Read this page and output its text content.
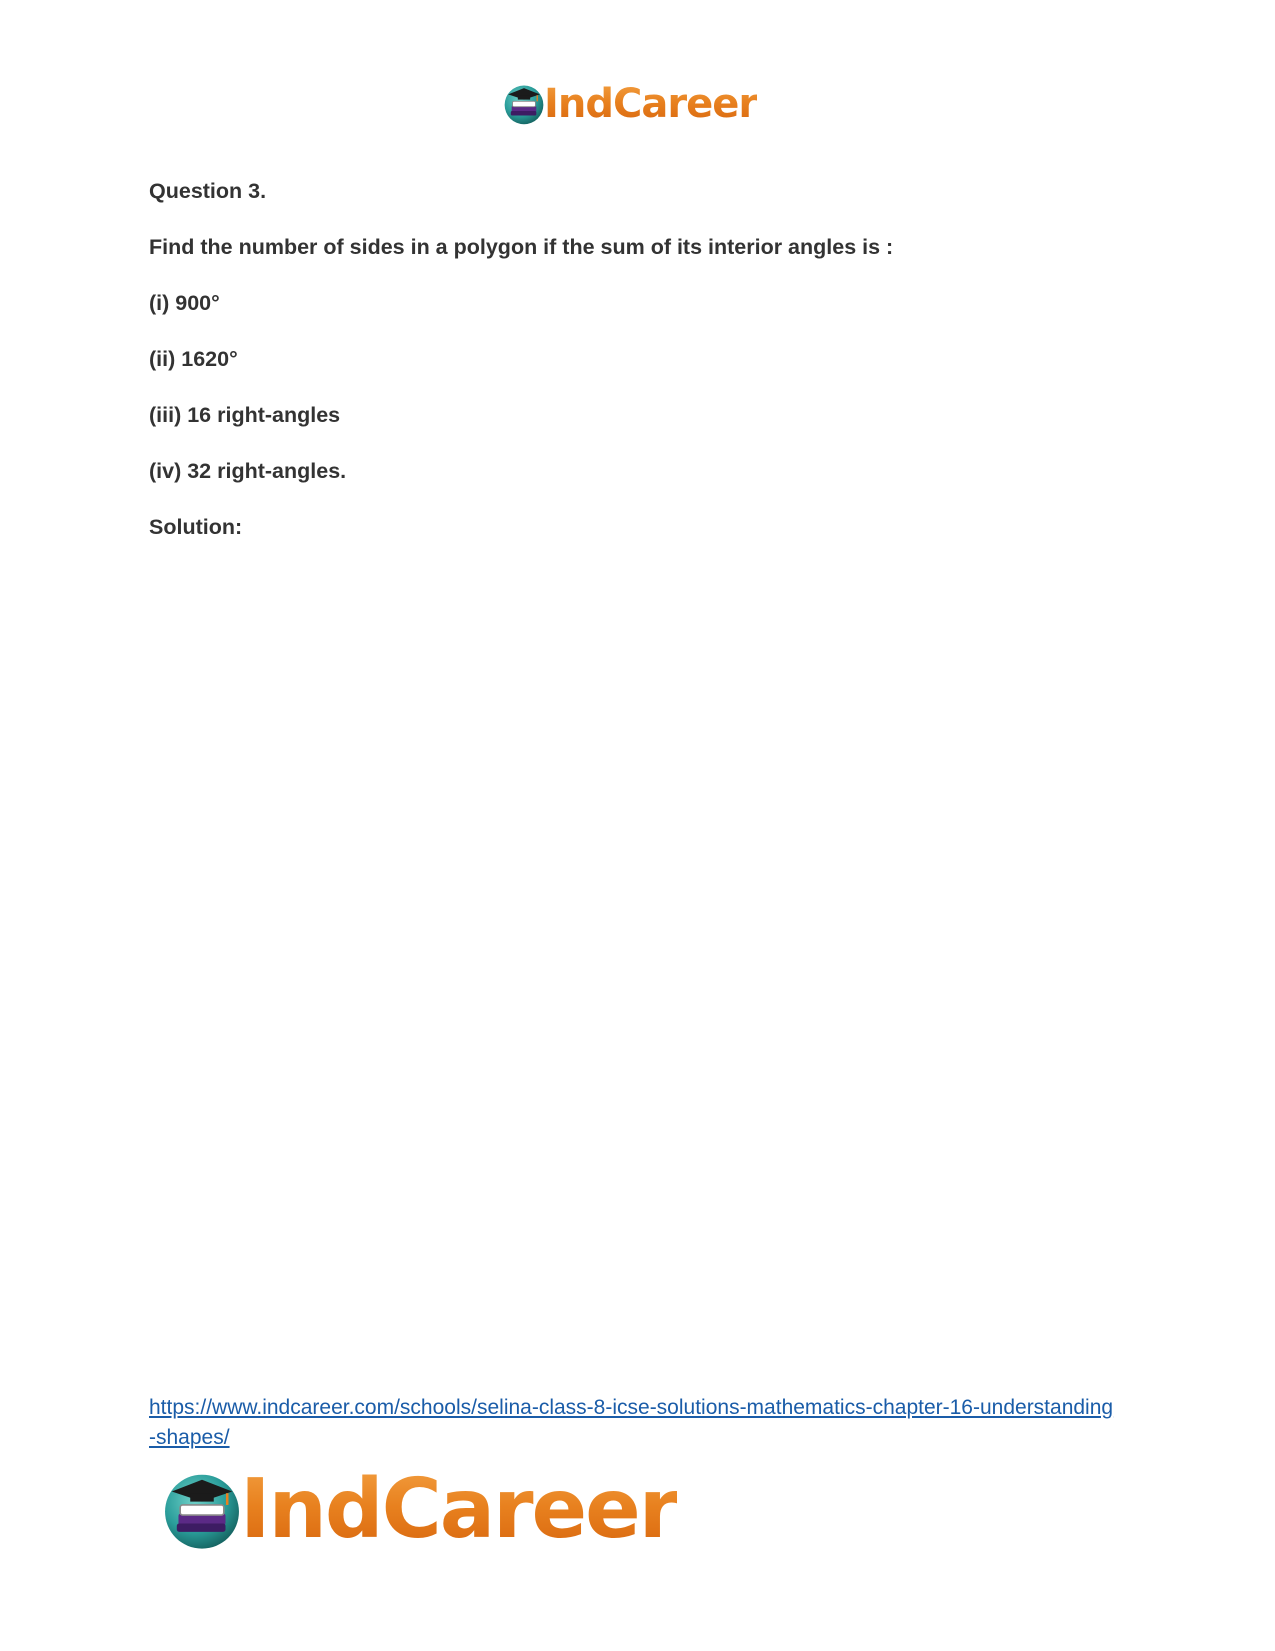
IndCareer

Question 3.

Find the number of sides in a polygon if the sum of its interior angles is :

(i) 900°

(ii) 1620°

(iii) 16 right-angles

(iv) 32 right-angles.

Solution:

https://www.indcareer.com/schools/selina-class-8-icse-solutions-mathematics-chapter-16-understanding-shapes/
IndCareer
